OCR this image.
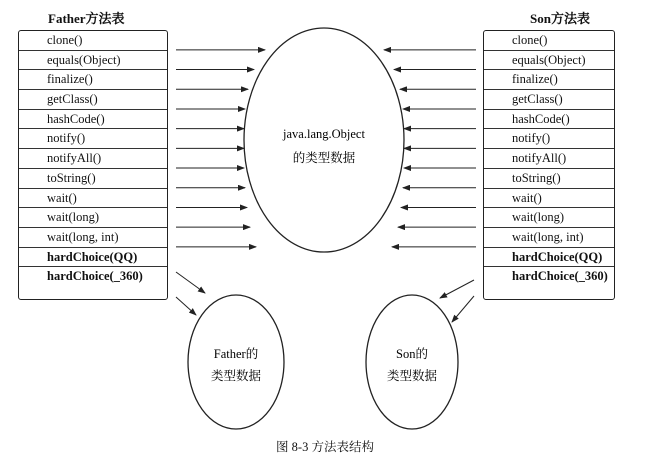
Father方法表	Son方法表
clone()
equals(Object)
finalize()
getClass()
hashCode()
notify()
notifyAll()
toString()
wait()
wait(long)
wait(long, int)
hardChoice(QQ)
hardChoice(_360)
clone()
equals(Object)
finalize()
getClass()
hashCode()
notify()
notifyAll()
toString()
wait()
wait(long)
wait(long, int)
hardChoice(QQ)
hardChoice(_360)
java.lang.Object
的类型数据
Father的
类型数据
Son的
类型数据
图 8-3 方法表结构
